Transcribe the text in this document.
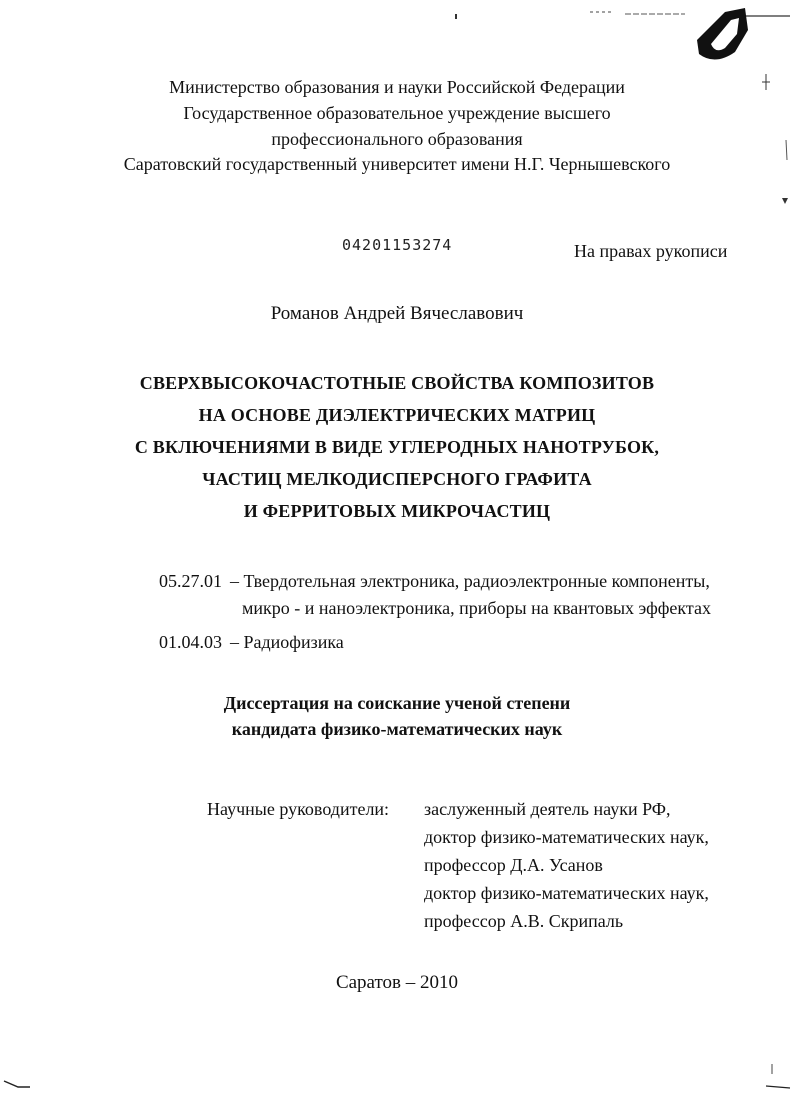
Министерство образования и науки Российской Федерации
Государственное образовательное учреждение высшего
профессионального образования
Саратовский государственный университет имени Н.Г. Чернышевского
04201153274	На правах рукописи
Романов Андрей Вячеславович
СВЕРХВЫСОКОЧАСТОТНЫЕ СВОЙСТВА КОМПОЗИТОВ
НА ОСНОВЕ ДИЭЛЕКТРИЧЕСКИХ МАТРИЦ
С ВКЛЮЧЕНИЯМИ В ВИДЕ УГЛЕРОДНЫХ НАНОТРУБОК,
ЧАСТИЦ МЕЛКОДИСПЕРСНОГО ГРАФИТА
И ФЕРРИТОВЫХ МИКРОЧАСТИЦ
05.27.01 – Твердотельная электроника, радиоэлектронные компоненты,
микро - и наноэлектроника, приборы на квантовых эффектах
01.04.03 – Радиофизика
Диссертация на соискание ученой степени
кандидата физико-математических наук
Научные руководители: заслуженный деятель науки РФ,
доктор физико-математических наук,
профессор Д.А. Усанов
доктор физико-математических наук,
профессор А.В. Скрипаль
Саратов – 2010
